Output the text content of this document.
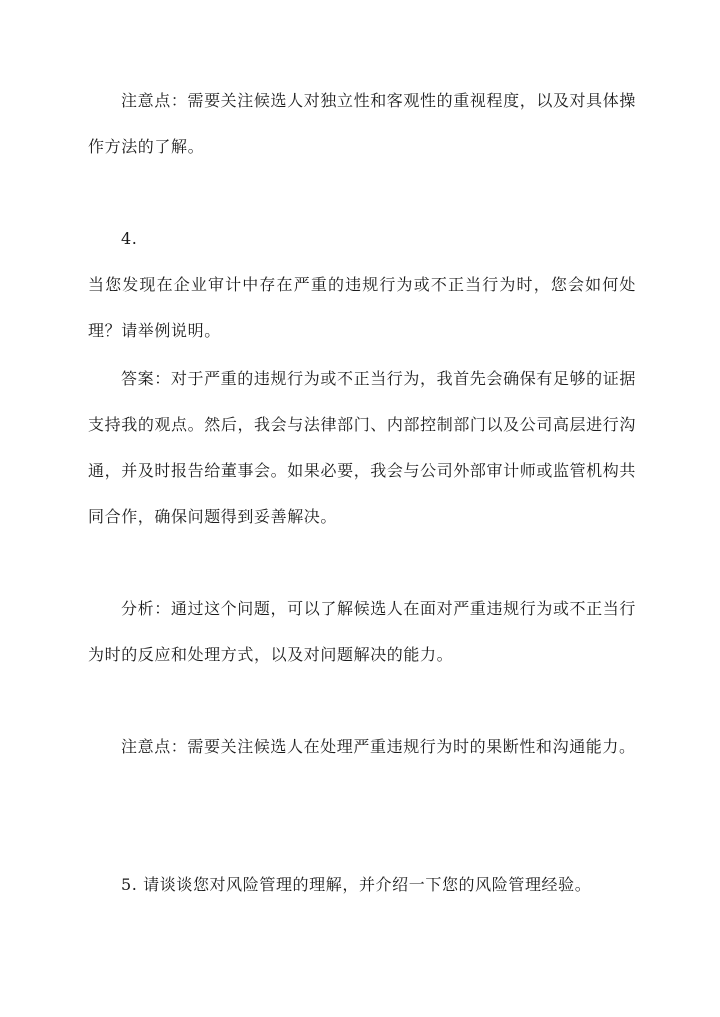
注意点：需要关注候选人对独立性和客观性的重视程度，以及对具体操作方法的了解。

4.

当您发现在企业审计中存在严重的违规行为或不正当行为时，您会如何处理？请举例说明。

答案：对于严重的违规行为或不正当行为，我首先会确保有足够的证据支持我的观点。然后，我会与法律部门、内部控制部门以及公司高层进行沟通，并及时报告给董事会。如果必要，我会与公司外部审计师或监管机构共同合作，确保问题得到妥善解决。

分析：通过这个问题，可以了解候选人在面对严重违规行为或不正当行为时的反应和处理方式，以及对问题解决的能力。

注意点：需要关注候选人在处理严重违规行为时的果断性和沟通能力。

5. 请谈谈您对风险管理的理解，并介绍一下您的风险管理经验。
